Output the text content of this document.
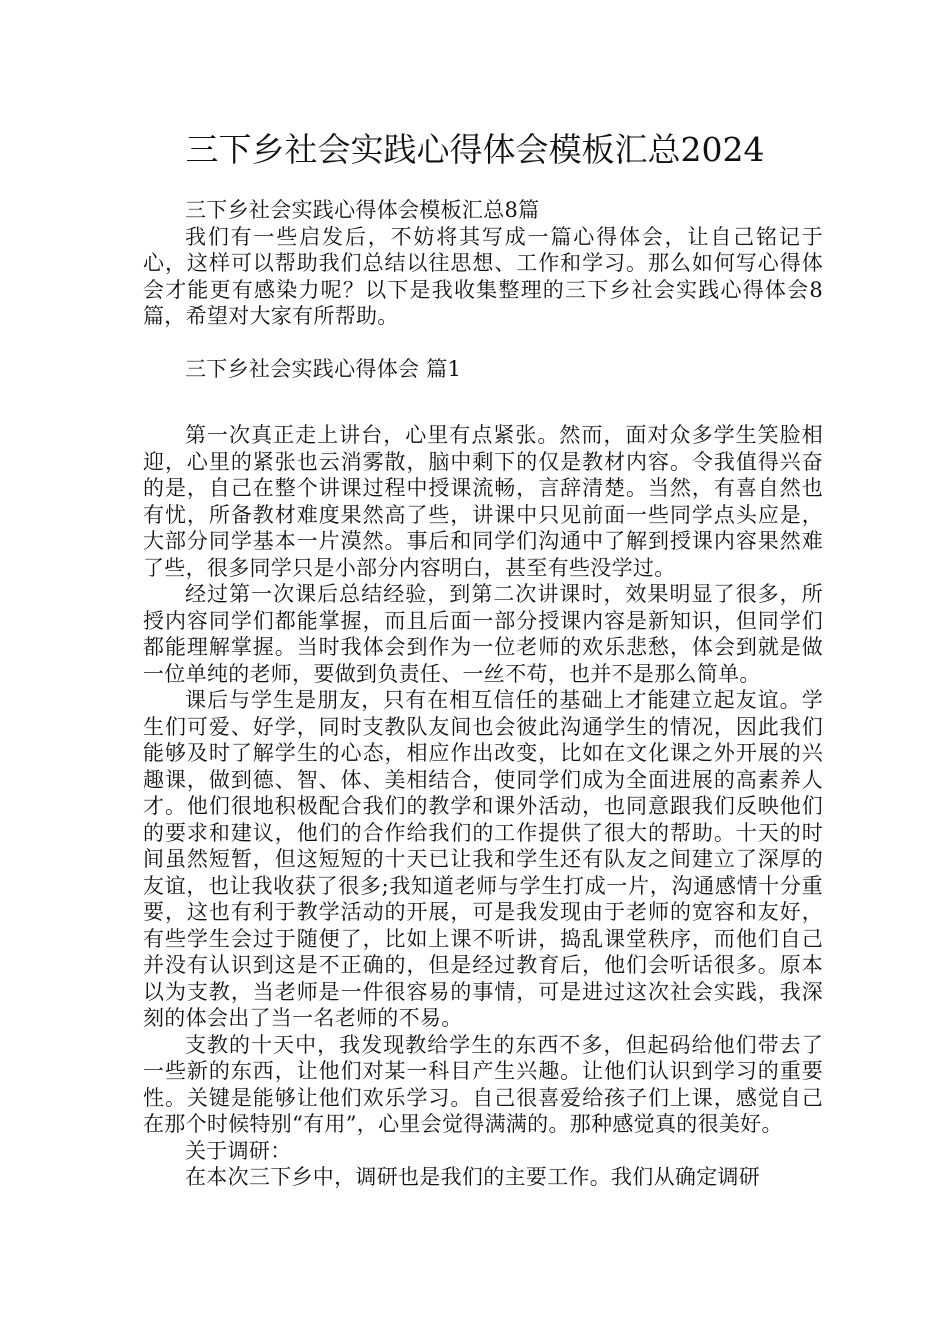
三下乡社会实践心得体会模板汇总2024

三下乡社会实践心得体会模板汇总8篇

我们有一些启发后，不妨将其写成一篇心得体会，让自己铭记于心，这样可以帮助我们总结以往思想、工作和学习。那么如何写心得体会才能更有感染力呢？以下是我收集整理的三下乡社会实践心得体会8篇，希望对大家有所帮助。

三下乡社会实践心得体会 篇1

第一次真正走上讲台，心里有点紧张。然而，面对众多学生笑脸相迎，心里的紧张也云消雾散，脑中剩下的仅是教材内容。令我值得兴奋的是，自己在整个讲课过程中授课流畅，言辞清楚。当然，有喜自然也有忧，所备教材难度果然高了些，讲课中只见前面一些同学点头应是，大部分同学基本一片漠然。事后和同学们沟通中了解到授课内容果然难了些，很多同学只是小部分内容明白，甚至有些没学过。

经过第一次课后总结经验，到第二次讲课时，效果明显了很多，所授内容同学们都能掌握，而且后面一部分授课内容是新知识，但同学们都能理解掌握。当时我体会到作为一位老师的欢乐悲愁，体会到就是做一位单纯的老师，要做到负责任、一丝不苟，也并不是那么简单。

课后与学生是朋友，只有在相互信任的基础上才能建立起友谊。学生们可爱、好学，同时支教队友间也会彼此沟通学生的情况，因此我们能够及时了解学生的心态，相应作出改变，比如在文化课之外开展的兴趣课，做到德、智、体、美相结合，使同学们成为全面进展的高素养人才。他们很地积极配合我们的教学和课外活动，也同意跟我们反映他们的要求和建议，他们的合作给我们的工作提供了很大的帮助。十天的时间虽然短暂，但这短短的十天已让我和学生还有队友之间建立了深厚的友谊，也让我收获了很多;我知道老师与学生打成一片，沟通感情十分重要，这也有利于教学活动的开展，可是我发现由于老师的宽容和友好，有些学生会过于随便了，比如上课不听讲，捣乱课堂秩序，而他们自己并没有认识到这是不正确的，但是经过教育后，他们会听话很多。原本以为支教，当老师是一件很容易的事情，可是进过这次社会实践，我深刻的体会出了当一名老师的不易。

支教的十天中，我发现教给学生的东西不多，但起码给他们带去了一些新的东西，让他们对某一科目产生兴趣。让他们认识到学习的重要性。关键是能够让他们欢乐学习。自己很喜爱给孩子们上课，感觉自己在那个时候特别“有用”，心里会觉得满满的。那种感觉真的很美好。

关于调研：

在本次三下乡中，调研也是我们的主要工作。我们从确定调研
